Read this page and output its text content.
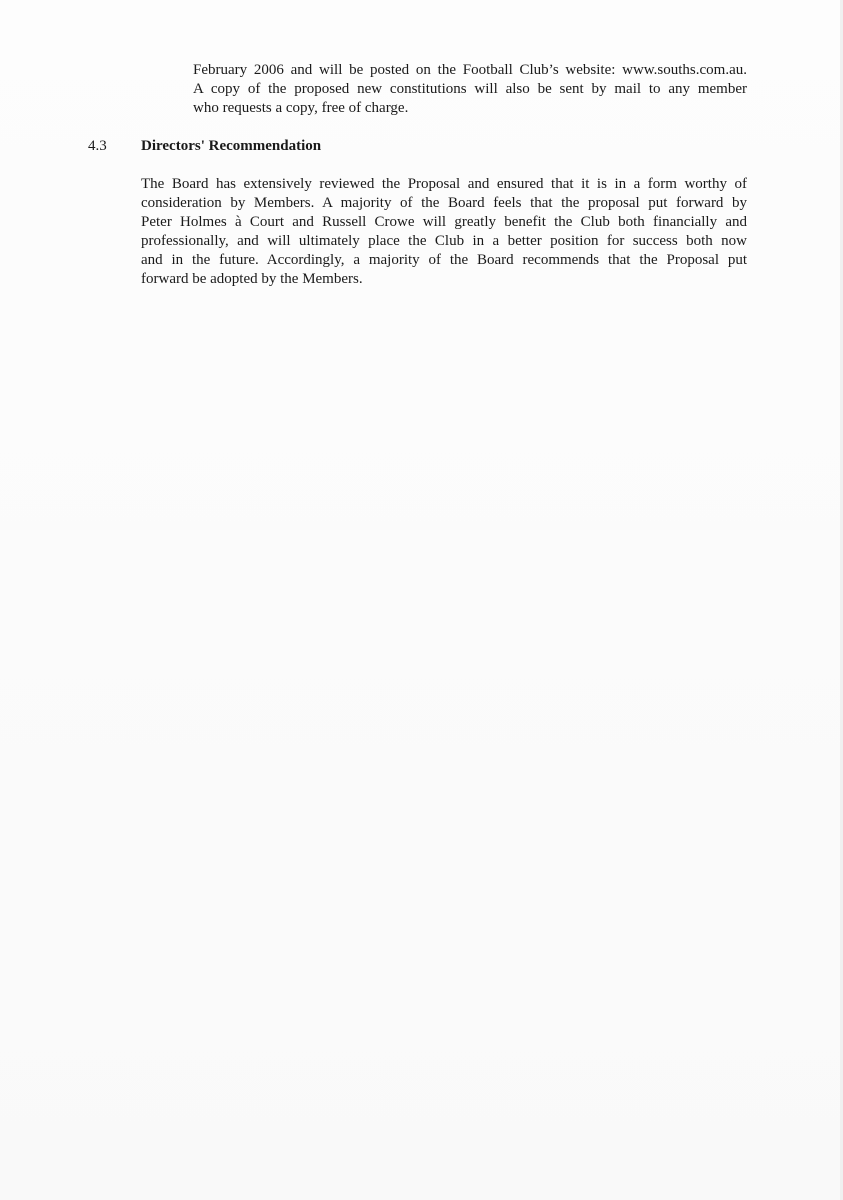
February 2006 and will be posted on the Football Club’s website: www.souths.com.au.
A copy of the proposed new constitutions will also be sent by mail to any member
who requests a copy, free of charge.

4.3 Directors' Recommendation

The Board has extensively reviewed the Proposal and ensured that it is in a form worthy of
consideration by Members. A majority of the Board feels that the proposal put forward by
Peter Holmes à Court and Russell Crowe will greatly benefit the Club both financially and
professionally, and will ultimately place the Club in a better position for success both now
and in the future. Accordingly, a majority of the Board recommends that the Proposal put
forward be adopted by the Members.
